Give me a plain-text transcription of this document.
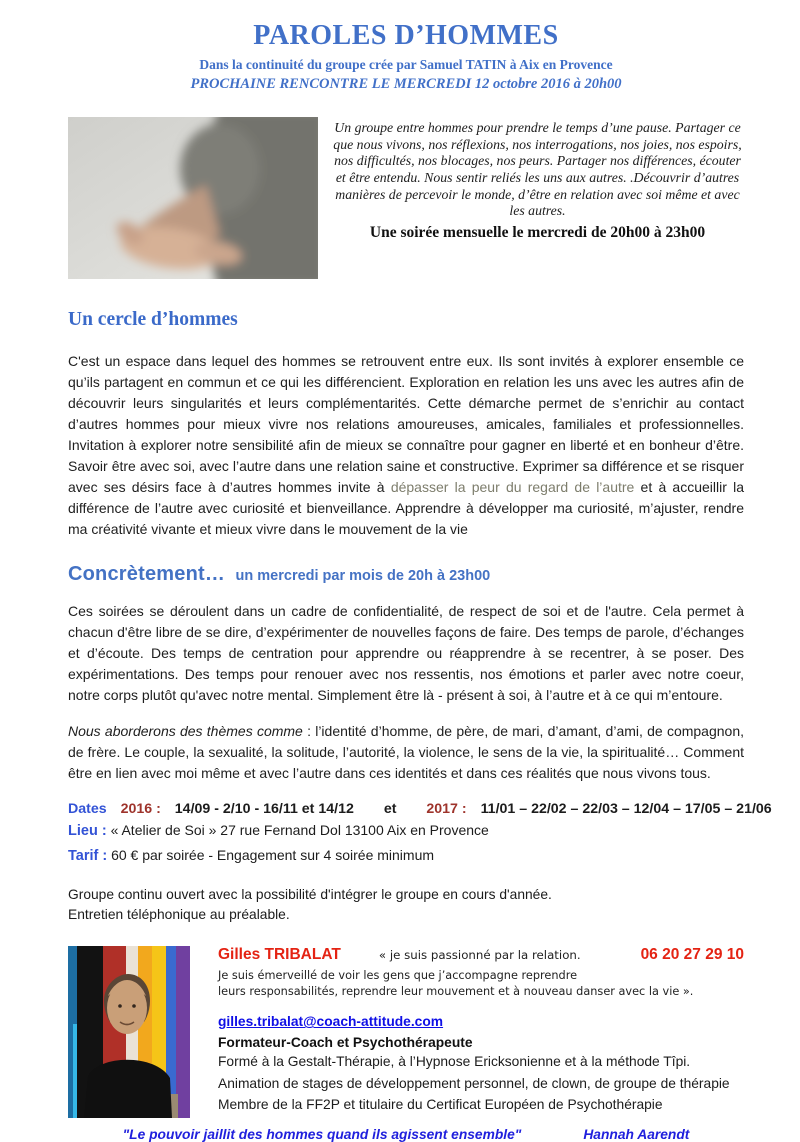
PAROLES D’HOMMES
Dans la continuité du groupe crée par Samuel TATIN à Aix en Provence
PROCHAINE RENCONTRE LE MERCREDI 12 octobre 2016 à 20h00
Un groupe entre hommes pour prendre le temps d’une pause. Partager ce que nous vivons, nos réflexions, nos interrogations, nos joies, nos espoirs, nos difficultés, nos blocages, nos peurs. Partager nos différences, écouter et être entendu. Nous sentir reliés les uns aux autres. .Découvrir d’autres manières de percevoir le monde, d’être en relation avec soi même et avec les autres.
Une soirée mensuelle le mercredi de 20h00 à 23h00
Un cercle d’hommes
C'est un espace dans lequel des hommes se retrouvent entre eux. Ils sont invités à explorer ensemble ce qu’ils partagent en commun et ce qui les différencient. Exploration en relation les uns avec les autres afin de découvrir leurs singularités et leurs complémentarités. Cette démarche permet de s’enrichir au contact d’autres hommes pour mieux vivre nos relations amoureuses, amicales, familiales et professionnelles. Invitation à explorer notre sensibilité afin de mieux se connaître pour gagner en liberté et en bonheur d’être. Savoir être avec soi, avec l’autre dans une relation saine et constructive. Exprimer sa différence et se risquer avec ses désirs face à d’autres hommes invite à dépasser la peur du regard de l’autre et à accueillir la différence de l’autre avec curiosité et bienveillance. Apprendre à développer ma curiosité, m’ajuster, rendre ma créativité vivante et mieux vivre dans le mouvement de la vie
Concrètement… un mercredi par mois de 20h à 23h00
Ces soirées se déroulent dans un cadre de confidentialité, de respect de soi et de l'autre. Cela permet à chacun d'être libre de se dire, d’expérimenter de nouvelles façons de faire. Des temps de parole, d’échanges et d’écoute. Des temps de centration pour apprendre ou réapprendre à se recentrer, à se poser. Des expérimentations. Des temps pour renouer avec nos ressentis, nos émotions et parler avec notre coeur, notre corps plutôt qu'avec notre mental. Simplement être là - présent à soi, à l’autre et à ce qui m’entoure.
Nous aborderons des thèmes comme : l’identité d’homme, de père, de mari, d’amant, d’ami, de compagnon, de frère. Le couple, la sexualité, la solitude, l’autorité, la violence, le sens de la vie, la spiritualité… Comment être en lien avec moi même et avec l’autre dans ces identités et dans ces réalités que nous vivons tous.
Dates 2016 : 14/09 - 2/10 - 16/11 et 14/12 et 2017 : 11/01 – 22/02 – 22/03 – 12/04 – 17/05 – 21/06
Lieu : « Atelier de Soi » 27 rue Fernand Dol 13100 Aix en Provence
Tarif : 60 € par soirée - Engagement sur 4 soirée minimum
Groupe continu ouvert avec la possibilité d'intégrer le groupe en cours d'année.
Entretien téléphonique au préalable.
Gilles TRIBALAT	« je suis passionné par la relation.	06 20 27 29 10
Je suis émerveillé de voir les gens que j’accompagne reprendre
leurs responsabilités, reprendre leur mouvement et à nouveau danser avec la vie ».
gilles.tribalat@coach-attitude.com
Formateur-Coach et Psychothérapeute
Formé à la Gestalt-Thérapie, à l’Hypnose Ericksonienne et à la méthode Tîpi.
Animation de stages de développement personnel, de clown, de groupe de thérapie
Membre de la FF2P et titulaire du Certificat Européen de Psychothérapie
"Le pouvoir jaillit des hommes quand ils agissent ensemble"	Hannah Aarendt
